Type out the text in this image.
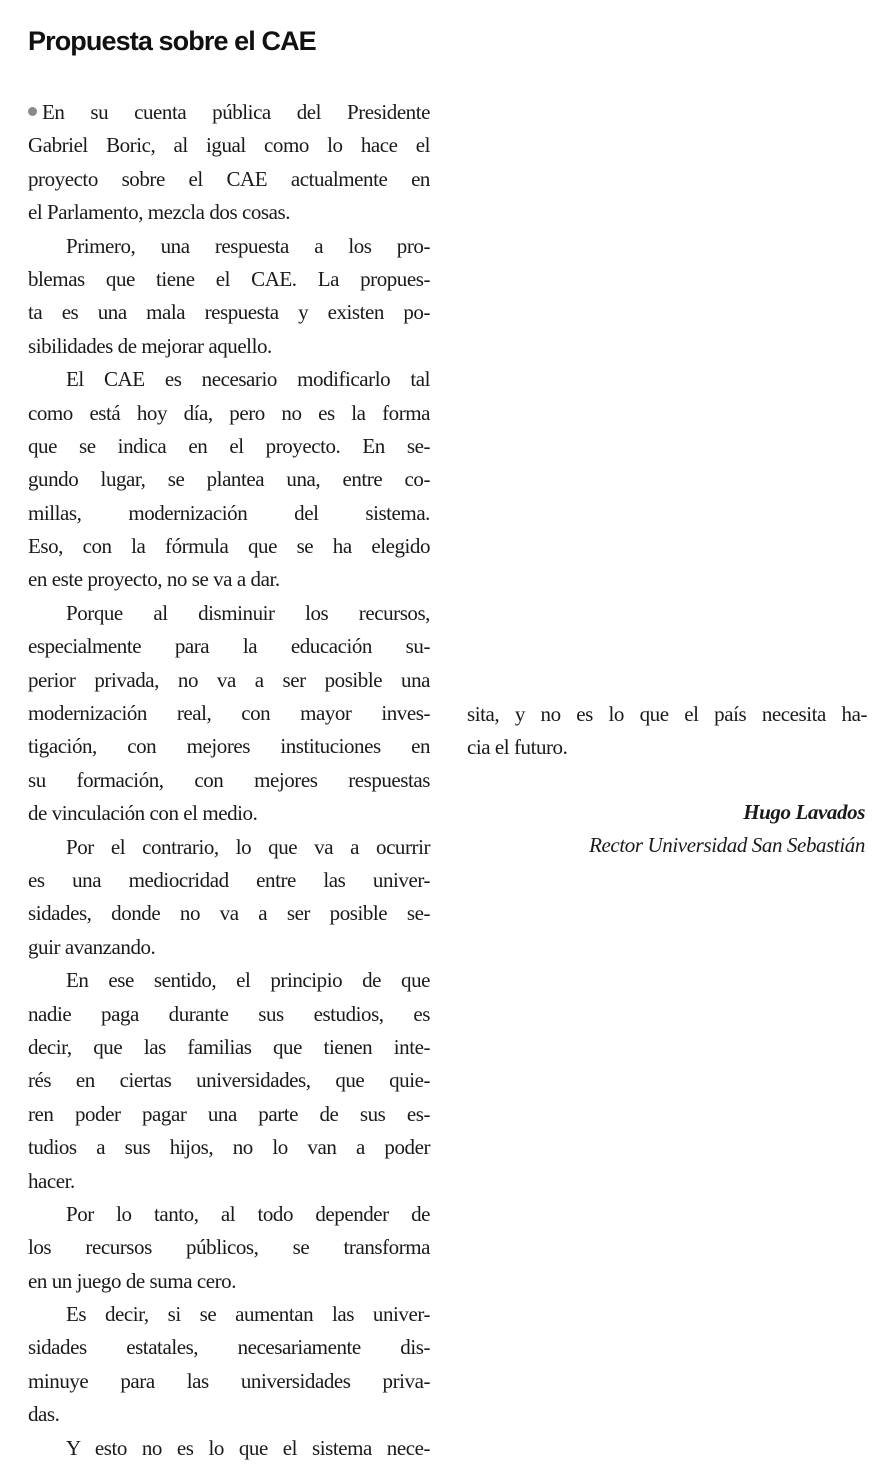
Propuesta sobre el CAE
En su cuenta pública del Presidente
Gabriel Boric, al igual como lo hace el
proyecto sobre el CAE actualmente en
el Parlamento, mezcla dos cosas.
Primero, una respuesta a los pro-
blemas que tiene el CAE. La propues-
ta es una mala respuesta y existen po-
sibilidades de mejorar aquello.
El CAE es necesario modificarlo tal
como está hoy día, pero no es la forma
que se indica en el proyecto. En se-
gundo lugar, se plantea una, entre co-
millas, modernización del sistema.
Eso, con la fórmula que se ha elegido
en este proyecto, no se va a dar.
Porque al disminuir los recursos,
especialmente para la educación su-
perior privada, no va a ser posible una
modernización real, con mayor inves-
tigación, con mejores instituciones en
su formación, con mejores respuestas
de vinculación con el medio.
Por el contrario, lo que va a ocurrir
es una mediocridad entre las univer-
sidades, donde no va a ser posible se-
guir avanzando.
En ese sentido, el principio de que
nadie paga durante sus estudios, es
decir, que las familias que tienen inte-
rés en ciertas universidades, que quie-
ren poder pagar una parte de sus es-
tudios a sus hijos, no lo van a poder
hacer.
Por lo tanto, al todo depender de
los recursos públicos, se transforma
en un juego de suma cero.
Es decir, si se aumentan las univer-
sidades estatales, necesariamente dis-
minuye para las universidades priva-
das.
Y esto no es lo que el sistema nece-
sita, y no es lo que el país necesita ha-
cia el futuro.
Hugo Lavados
Rector Universidad San Sebastián
